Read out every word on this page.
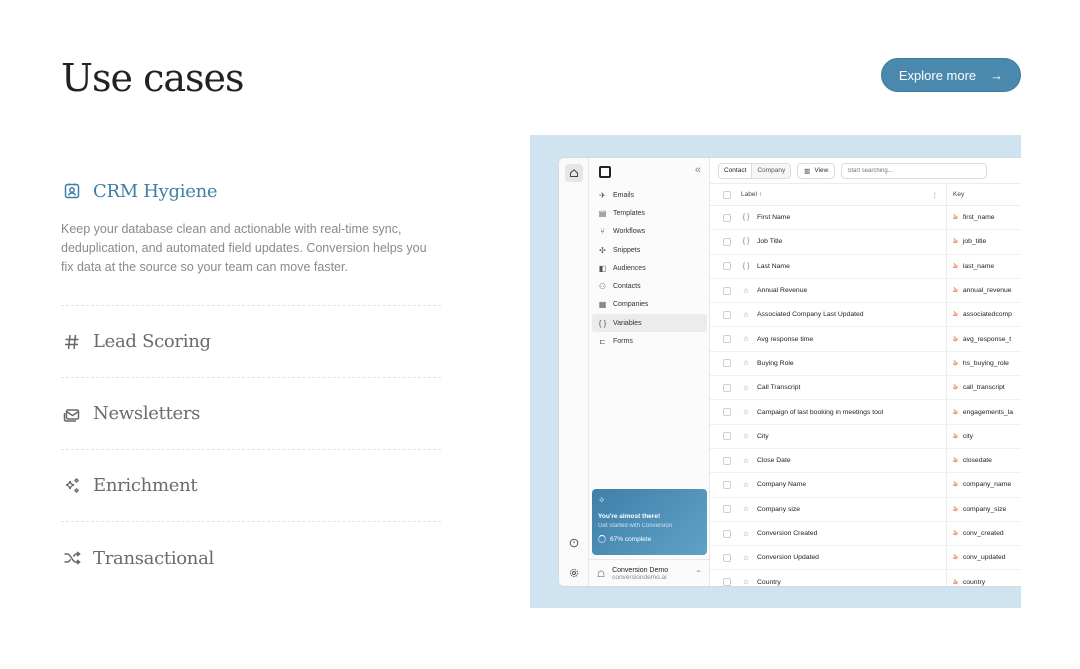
Use cases	Explore more →
CRM Hygiene

Keep your database clean and actionable with real-time sync, deduplication, and automated field updates. Conversion helps you fix data at the source so your team can move faster.

Lead Scoring
Newsletters
Enrichment
Transactional
«
✈ Emails
▤ Templates
⑂ Workflows
✣ Snippets
◧ Audiences
⚇ Contacts
▦ Companies
{ } Variables
⊏ Forms
✧
You're almost there!
Get started with Conversion
67% complete
☖ Conversion Demo
conversiondemo.ai	⌃
Contact	Company	▥ View
Start searching...
Label ↑	⋮ Key
{ } First Name	ঌ first_name
{ } Job Title	ঌ job_title
{ } Last Name	ঌ last_name
☆ Annual Revenue	ঌ annual_revenue
☆ Associated Company Last Updated	ঌ associatedcomp
☆ Avg response time	ঌ avg_response_t
☆ Buying Role	ঌ hs_buying_role
☆ Call Transcript	ঌ call_transcript
☆ Campaign of last booking in meetings tool	ঌ engagements_la
☆ City	ঌ city
☆ Close Date	ঌ closedate
☆ Company Name	ঌ company_name
☆ Company size	ঌ company_size
☆ Conversion Created	ঌ conv_created
☆ Conversion Updated	ঌ conv_updated
☆ Country	ঌ country
